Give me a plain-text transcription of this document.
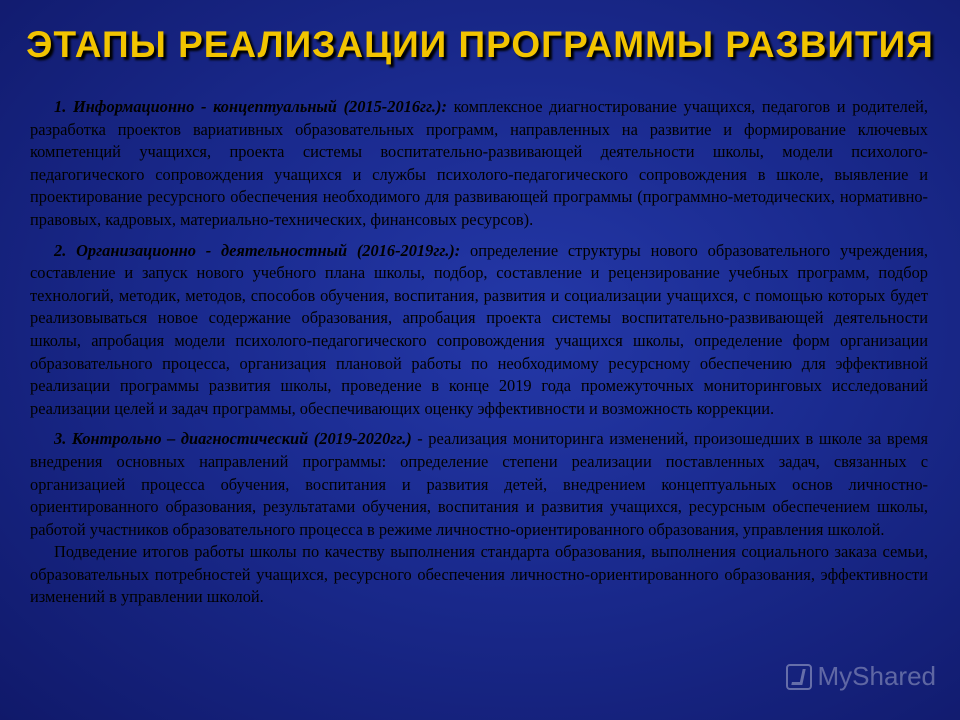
ЭТАПЫ РЕАЛИЗАЦИИ ПРОГРАММЫ РАЗВИТИЯ

1. Информационно - концептуальный (2015-2016гг.): комплексное диагностирование учащихся, педагогов и родителей, разработка проектов вариативных образовательных программ, направленных на развитие и формирование ключевых компетенций учащихся, проекта системы воспитательно-развивающей деятельности школы, модели психолого-педагогического сопровождения учащихся и службы психолого-педагогического сопровождения в школе, выявление и проектирование ресурсного обеспечения необходимого для развивающей программы (программно-методических, нормативно-правовых, кадровых, материально-технических, финансовых ресурсов).

2. Организационно - деятельностный (2016-2019гг.): определение структуры нового образовательного учреждения, составление и запуск нового учебного плана школы, подбор, составление и рецензирование учебных программ, подбор технологий, методик, методов, способов обучения, воспитания, развития и социализации учащихся, с помощью которых будет реализовываться новое содержание образования, апробация проекта системы воспитательно-развивающей деятельности школы, апробация модели психолого-педагогического сопровождения учащихся школы, определение форм организации образовательного процесса, организация плановой работы по необходимому ресурсному обеспечению для эффективной реализации программы развития школы, проведение в конце 2019 года промежуточных мониторинговых исследований реализации целей и задач программы, обеспечивающих оценку эффективности и возможность коррекции.

3. Контрольно – диагностический (2019-2020гг.) - реализация мониторинга изменений, произошедших в школе за время внедрения основных направлений программы: определение степени реализации поставленных задач, связанных с организацией процесса обучения, воспитания и развития детей, внедрением концептуальных основ личностно-ориентированного образования, результатами обучения, воспитания и развития учащихся, ресурсным обеспечением школы, работой участников образовательного процесса в режиме личностно-ориентированного образования, управления школой.

Подведение итогов работы школы по качеству выполнения стандарта образования, выполнения социального заказа семьи, образовательных потребностей учащихся, ресурсного обеспечения личностно-ориентированного образования, эффективности изменений в управлении школой.

MyShared
